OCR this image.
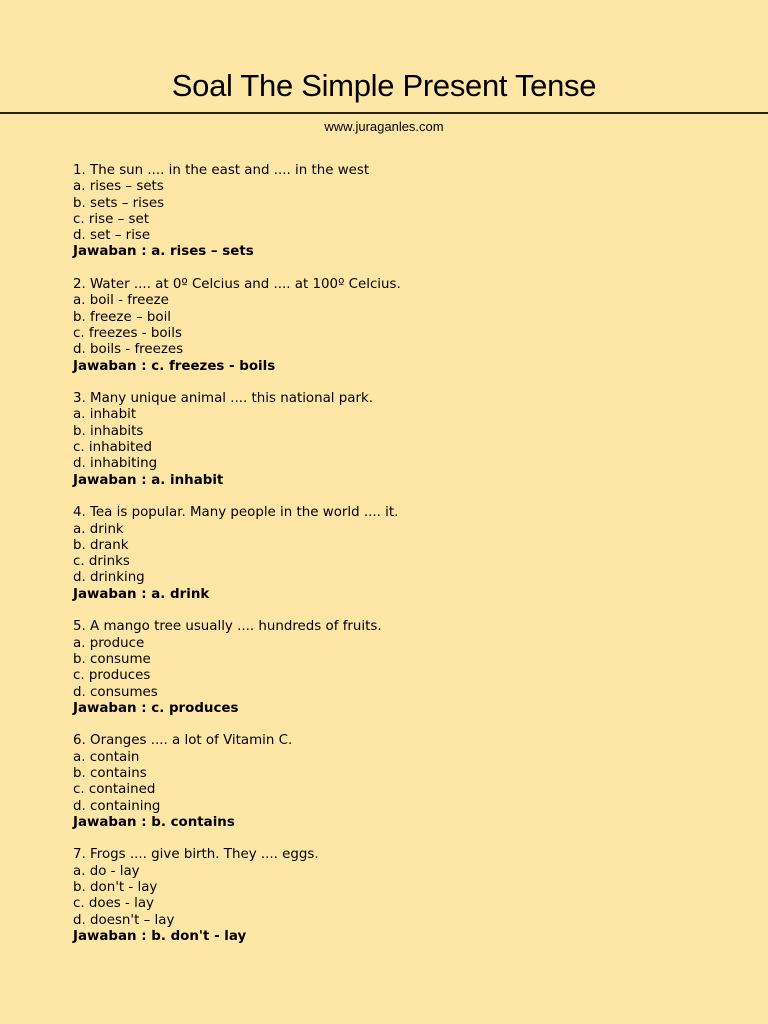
Soal The Simple Present Tense
www.juraganles.com
1. The sun .... in the east and .... in the west
a. rises – sets
b. sets – rises
c. rise – set
d. set – rise
Jawaban : a. rises – sets
2. Water .... at 0º Celcius and .... at 100º Celcius.
a. boil - freeze
b. freeze – boil
c. freezes - boils
d. boils - freezes
Jawaban : c. freezes - boils
3. Many unique animal .... this national park.
a. inhabit
b. inhabits
c. inhabited
d. inhabiting
Jawaban : a. inhabit
4. Tea is popular. Many people in the world .... it.
a. drink
b. drank
c. drinks
d. drinking
Jawaban : a. drink
5. A mango tree usually .... hundreds of fruits.
a. produce
b. consume
c. produces
d. consumes
Jawaban : c. produces
6. Oranges .... a lot of Vitamin C.
a. contain
b. contains
c. contained
d. containing
Jawaban : b. contains
7. Frogs .... give birth. They .... eggs.
a. do - lay
b. don't - lay
c. does - lay
d. doesn't – lay
Jawaban : b. don't - lay
